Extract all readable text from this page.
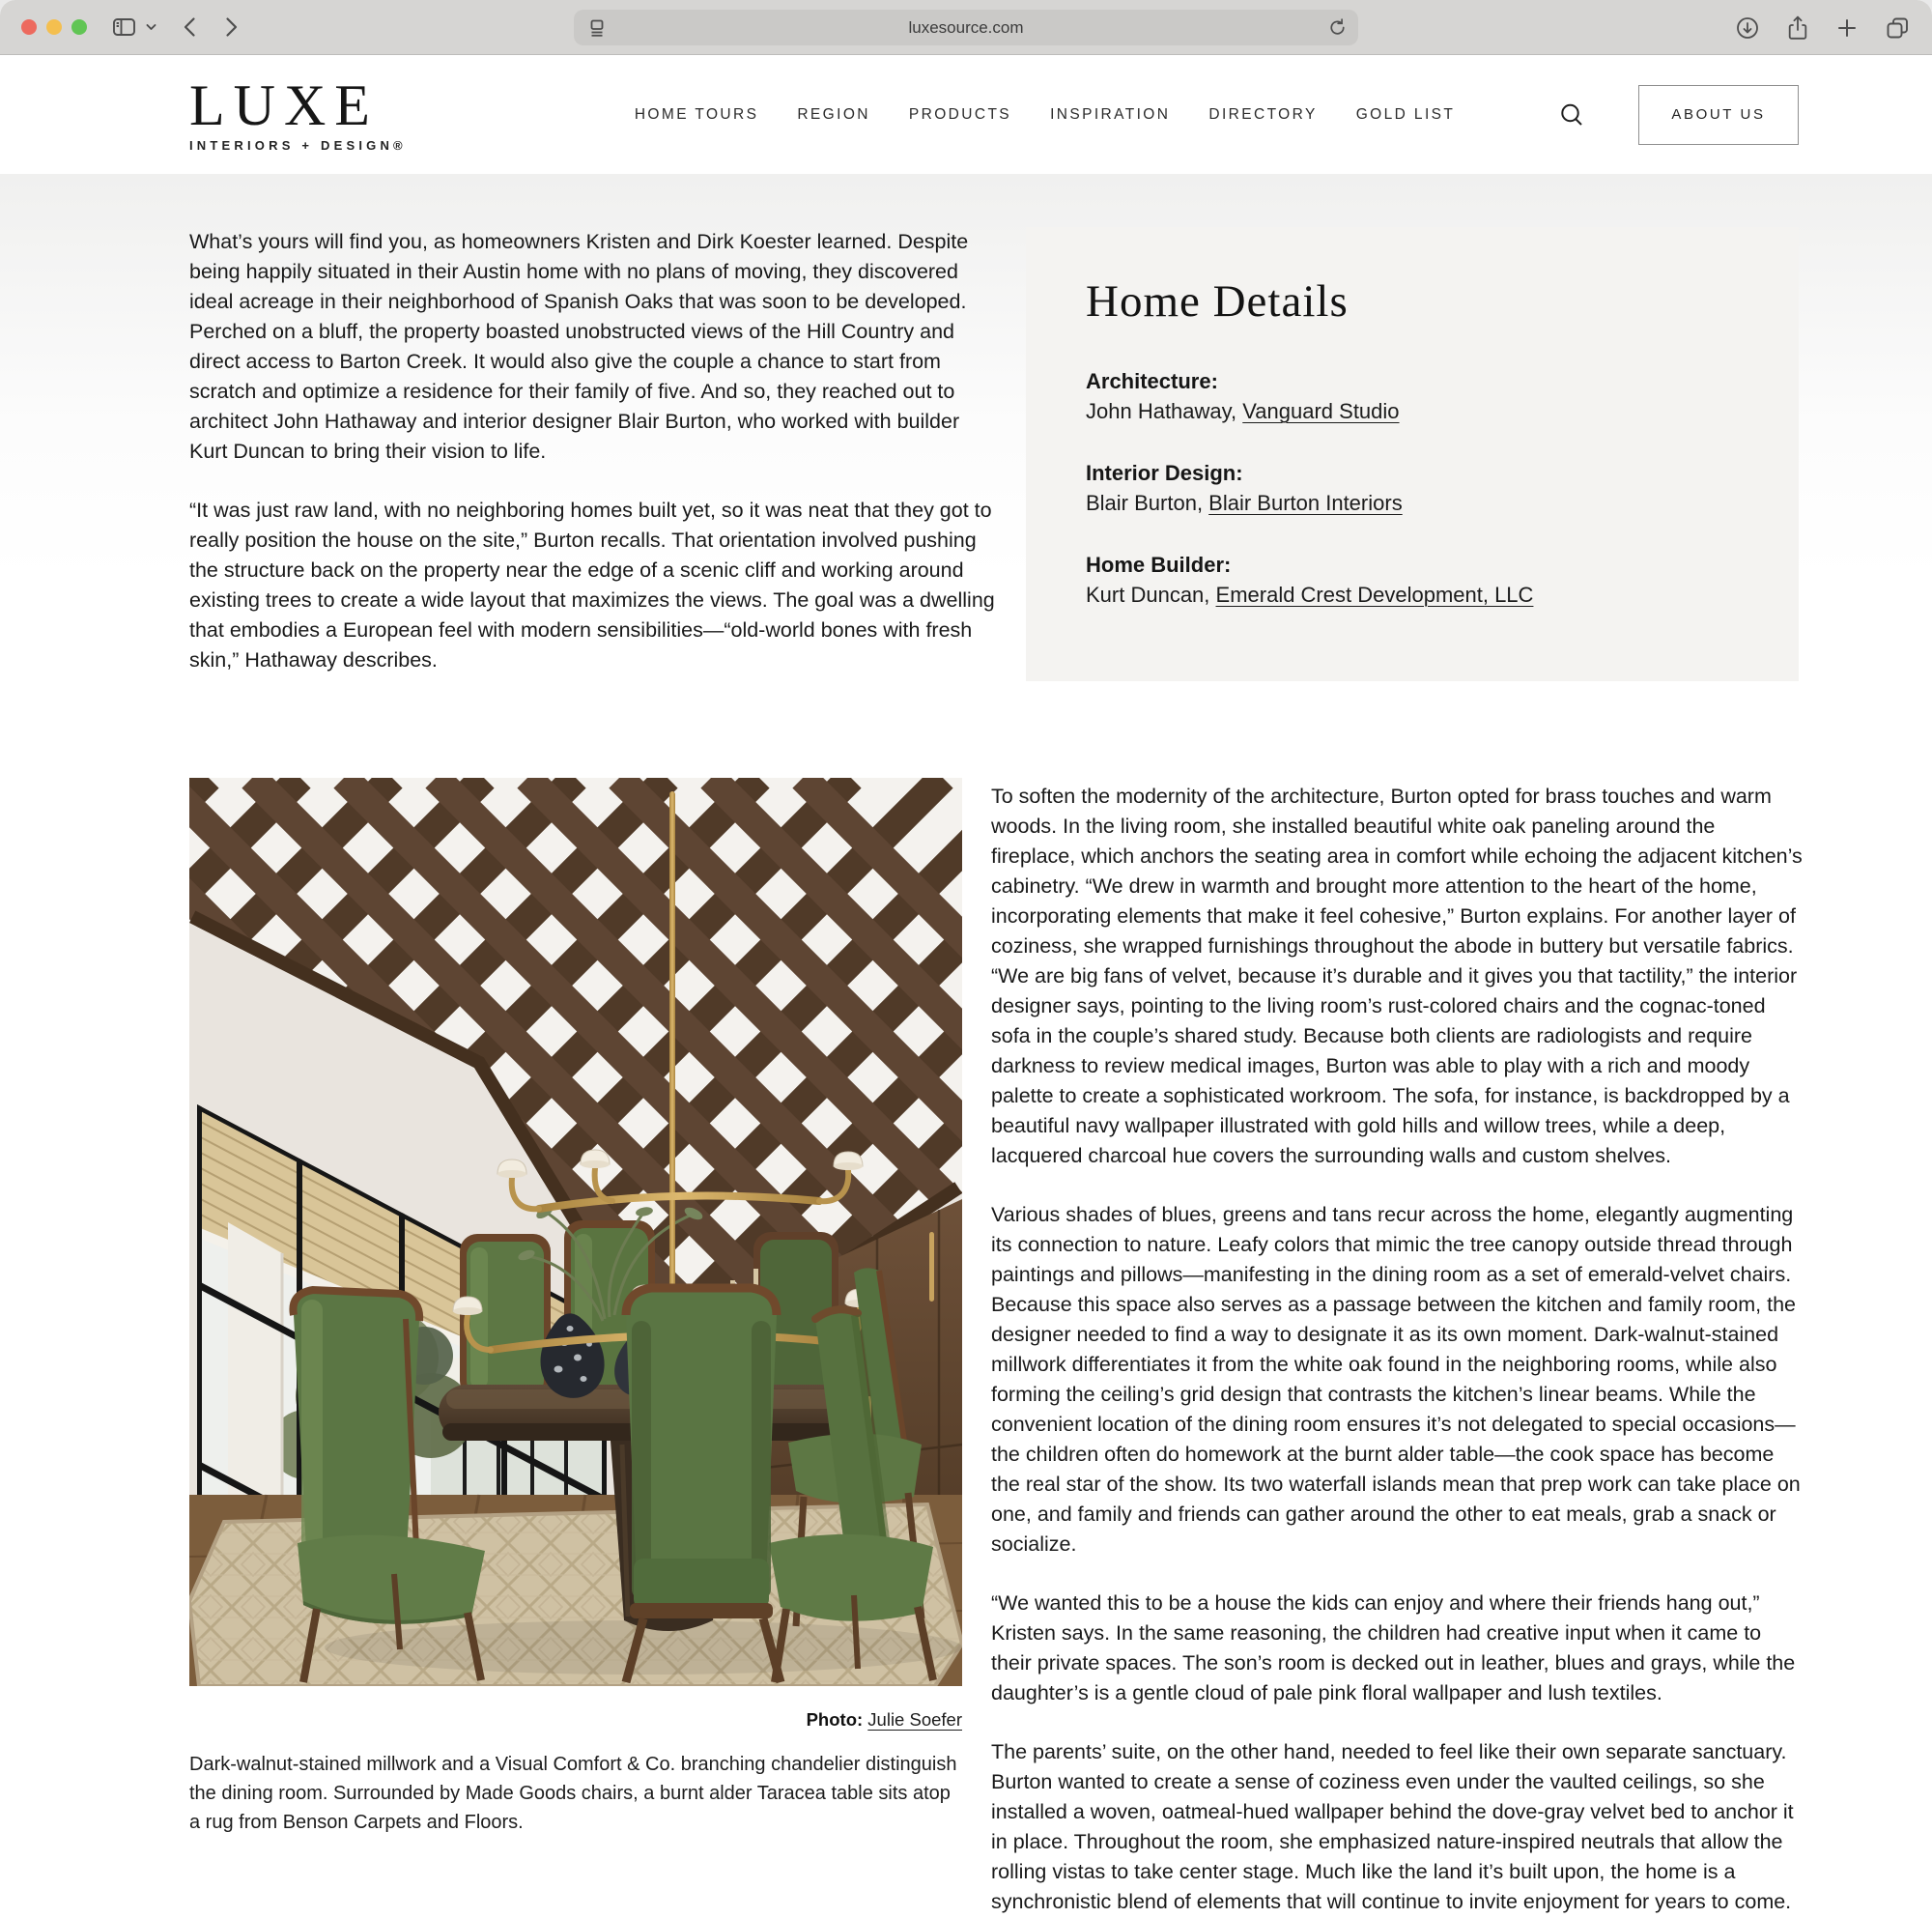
luxesource.com
LUXE
INTERIORS + DESIGN®
HOME TOURS	REGION	PRODUCTS	INSPIRATION	DIRECTORY	GOLD LIST	ABOUT US

What’s yours will find you, as homeowners Kristen and Dirk Koester learned. Despite being happily situated in their Austin home with no plans of moving, they discovered ideal acreage in their neighborhood of Spanish Oaks that was soon to be developed. Perched on a bluff, the property boasted unobstructed views of the Hill Country and direct access to Barton Creek. It would also give the couple a chance to start from scratch and optimize a residence for their family of five. And so, they reached out to architect John Hathaway and interior designer Blair Burton, who worked with builder Kurt Duncan to bring their vision to life.

“It was just raw land, with no neighboring homes built yet, so it was neat that they got to really position the house on the site,” Burton recalls. That orientation involved pushing the structure back on the property near the edge of a scenic cliff and working around existing trees to create a wide layout that maximizes the views. The goal was a dwelling that embodies a European feel with modern sensibilities—“old-world bones with fresh skin,” Hathaway describes.

Home Details
Architecture:
John Hathaway, Vanguard Studio
Interior Design:
Blair Burton, Blair Burton Interiors
Home Builder:
Kurt Duncan, Emerald Crest Development, LLC
Photo: Julie Soefer
Dark-walnut-stained millwork and a Visual Comfort & Co. branching chandelier distinguish the dining room. Surrounded by Made Goods chairs, a burnt alder Taracea table sits atop a rug from Benson Carpets and Floors.

To soften the modernity of the architecture, Burton opted for brass touches and warm woods. In the living room, she installed beautiful white oak paneling around the fireplace, which anchors the seating area in comfort while echoing the adjacent kitchen’s cabinetry. “We drew in warmth and brought more attention to the heart of the home, incorporating elements that make it feel cohesive,” Burton explains. For another layer of coziness, she wrapped furnishings throughout the abode in buttery but versatile fabrics. “We are big fans of velvet, because it’s durable and it gives you that tactility,” the interior designer says, pointing to the living room’s rust-colored chairs and the cognac-toned sofa in the couple’s shared study. Because both clients are radiologists and require darkness to review medical images, Burton was able to play with a rich and moody palette to create a sophisticated workroom. The sofa, for instance, is backdropped by a beautiful navy wallpaper illustrated with gold hills and willow trees, while a deep, lacquered charcoal hue covers the surrounding walls and custom shelves.

Various shades of blues, greens and tans recur across the home, elegantly augmenting its connection to nature. Leafy colors that mimic the tree canopy outside thread through paintings and pillows—manifesting in the dining room as a set of emerald-velvet chairs. Because this space also serves as a passage between the kitchen and family room, the designer needed to find a way to designate it as its own moment. Dark-walnut-stained millwork differentiates it from the white oak found in the neighboring rooms, while also forming the ceiling’s grid design that contrasts the kitchen’s linear beams. While the convenient location of the dining room ensures it’s not delegated to special occasions—the children often do homework at the burnt alder table—the cook space has become the real star of the show. Its two waterfall islands mean that prep work can take place on one, and family and friends can gather around the other to eat meals, grab a snack or socialize.

“We wanted this to be a house the kids can enjoy and where their friends hang out,” Kristen says. In the same reasoning, the children had creative input when it came to their private spaces. The son’s room is decked out in leather, blues and grays, while the daughter’s is a gentle cloud of pale pink floral wallpaper and lush textiles.

The parents’ suite, on the other hand, needed to feel like their own separate sanctuary. Burton wanted to create a sense of coziness even under the vaulted ceilings, so she installed a woven, oatmeal-hued wallpaper behind the dove-gray velvet bed to anchor it in place. Throughout the room, she emphasized nature-inspired neutrals that allow the rolling vistas to take center stage. Much like the land it’s built upon, the home is a synchronistic blend of elements that will continue to invite enjoyment for years to come.
